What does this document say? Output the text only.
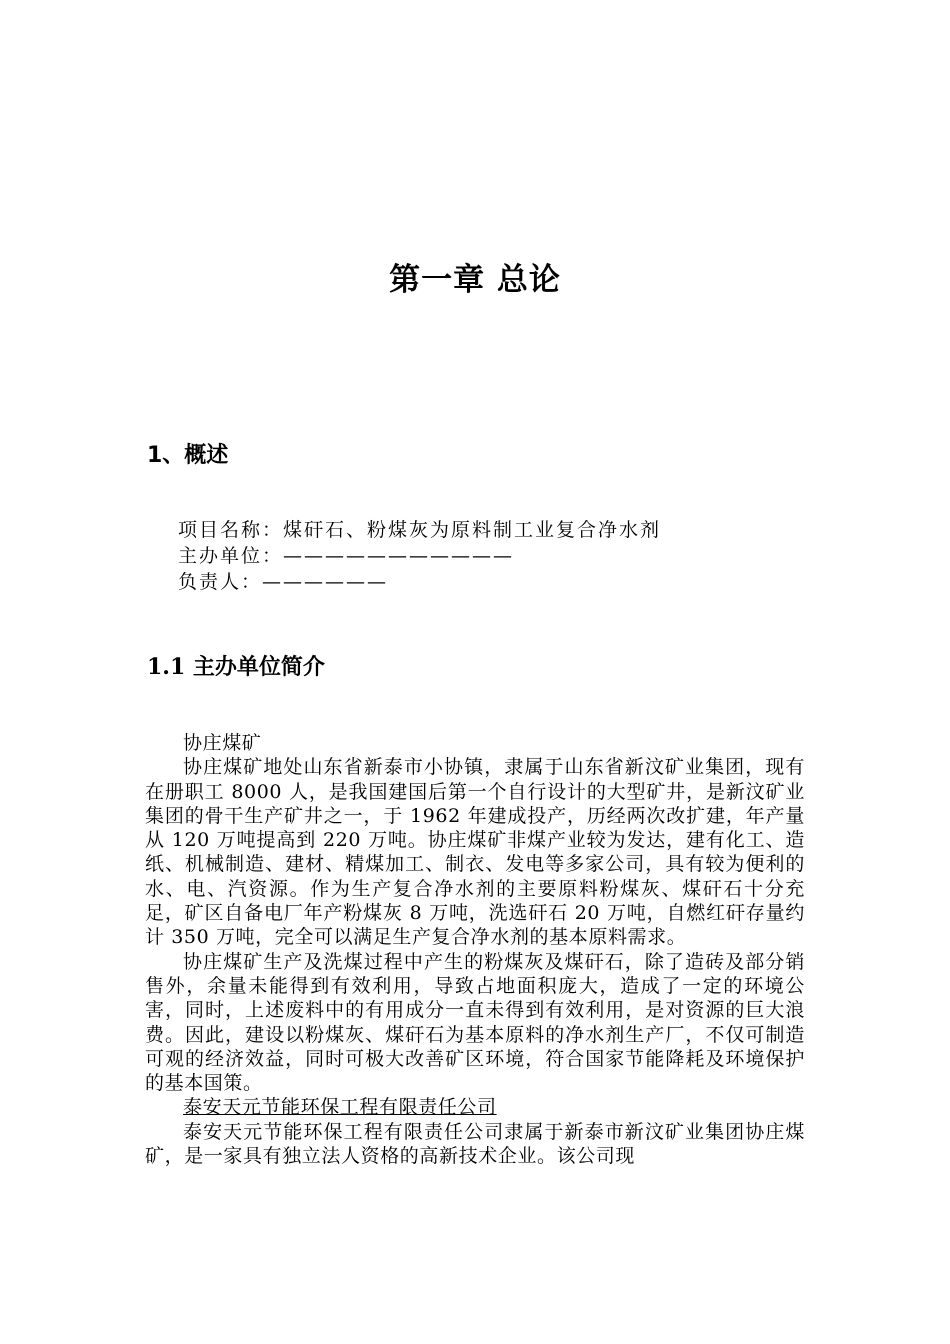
第一章 总论
1、概述
项目名称：煤矸石、粉煤灰为原料制工业复合净水剂
主办单位：———————————
负责人：——————
1.1 主办单位简介

协庄煤矿

协庄煤矿地处山东省新泰市小协镇，隶属于山东省新汶矿业集团，现有在册职工 8000 人，是我国建国后第一个自行设计的大型矿井，是新汶矿业集团的骨干生产矿井之一，于 1962 年建成投产，历经两次改扩建，年产量从 120 万吨提高到 220 万吨。协庄煤矿非煤产业较为发达，建有化工、造纸、机械制造、建材、精煤加工、制衣、发电等多家公司，具有较为便利的水、电、汽资源。作为生产复合净水剂的主要原料粉煤灰、煤矸石十分充足，矿区自备电厂年产粉煤灰 8 万吨，洗选矸石 20 万吨，自燃红矸存量约计 350 万吨，完全可以满足生产复合净水剂的基本原料需求。

协庄煤矿生产及洗煤过程中产生的粉煤灰及煤矸石，除了造砖及部分销售外，余量未能得到有效利用，导致占地面积庞大，造成了一定的环境公害，同时，上述废料中的有用成分一直未得到有效利用，是对资源的巨大浪费。因此，建设以粉煤灰、煤矸石为基本原料的净水剂生产厂，不仅可制造可观的经济效益，同时可极大改善矿区环境，符合国家节能降耗及环境保护的基本国策。

泰安天元节能环保工程有限责任公司

泰安天元节能环保工程有限责任公司隶属于新泰市新汶矿业集团协庄煤矿，是一家具有独立法人资格的高新技术企业。该公司现
